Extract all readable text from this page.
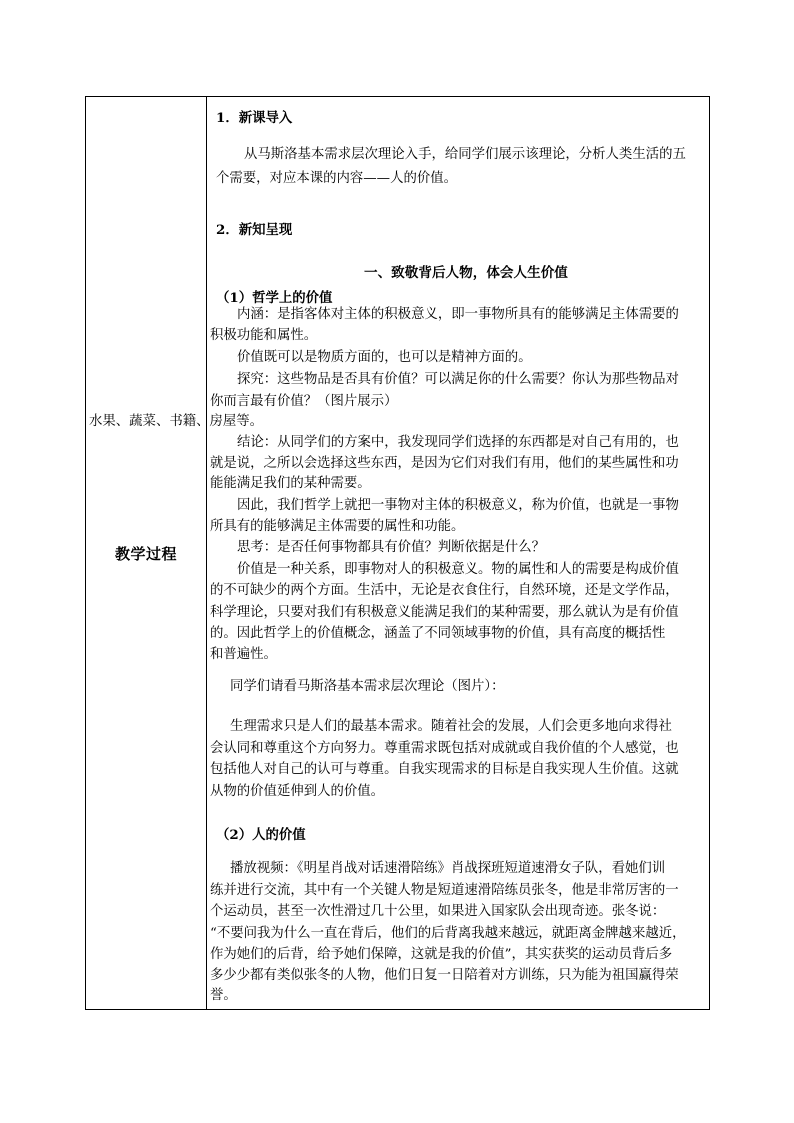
教学过程
1．新课导入
从马斯洛基本需求层次理论入手，给同学们展示该理论，分析人类生活的五
个需要，对应本课的内容——人的价值。
2．新知呈现
一、致敬背后人物，体会人生价值
（1）哲学上的价值
内涵：是指客体对主体的积极意义，即一事物所具有的能够满足主体需要的
积极功能和属性。
价值既可以是物质方面的，也可以是精神方面的。
探究：这些物品是否具有价值？可以满足你的什么需要？你认为那些物品对
你而言最有价值？（图片展示）
水果、蔬菜、书籍、房屋等。
结论：从同学们的方案中，我发现同学们选择的东西都是对自己有用的，也
就是说，之所以会选择这些东西，是因为它们对我们有用，他们的某些属性和功
能能满足我们的某种需要。
因此，我们哲学上就把一事物对主体的积极意义，称为价值，也就是一事物
所具有的能够满足主体需要的属性和功能。
思考：是否任何事物都具有价值？判断依据是什么？
价值是一种关系，即事物对人的积极意义。物的属性和人的需要是构成价值
的不可缺少的两个方面。生活中，无论是衣食住行，自然环境，还是文学作品，
科学理论，只要对我们有积极意义能满足我们的某种需要，那么就认为是有价值
的。因此哲学上的价值概念，涵盖了不同领域事物的价值，具有高度的概括性
和普遍性。
同学们请看马斯洛基本需求层次理论（图片）：
生理需求只是人们的最基本需求。随着社会的发展，人们会更多地向求得社
会认同和尊重这个方向努力。尊重需求既包括对成就或自我价值的个人感觉，也
包括他人对自己的认可与尊重。自我实现需求的目标是自我实现人生价值。这就
从物的价值延伸到人的价值。
（2）人的价值
播放视频：《明星肖战对话速滑陪练》肖战探班短道速滑女子队，看她们训
练并进行交流，其中有一个关键人物是短道速滑陪练员张冬，他是非常厉害的一
个运动员，甚至一次性滑过几十公里，如果进入国家队会出现奇迹。张冬说：
“不要问我为什么一直在背后，他们的后背离我越来越远，就距离金牌越来越近，
作为她们的后背，给予她们保障，这就是我的价值”，其实获奖的运动员背后多
多少少都有类似张冬的人物，他们日复一日陪着对方训练，只为能为祖国赢得荣
誉。
